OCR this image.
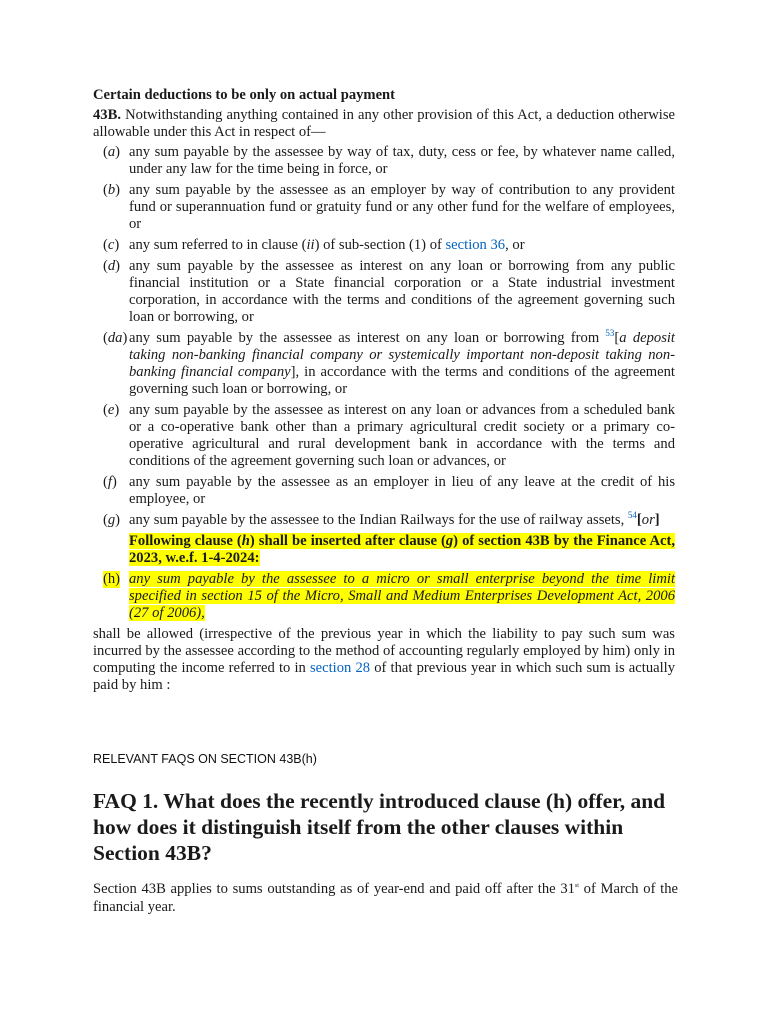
Certain deductions to be only on actual payment

43B. Notwithstanding anything contained in any other provision of this Act, a deduction otherwise allowable under this Act in respect of—

(a) any sum payable by the assessee by way of tax, duty, cess or fee, by whatever name called, under any law for the time being in force, or

(b) any sum payable by the assessee as an employer by way of contribution to any provident fund or superannuation fund or gratuity fund or any other fund for the welfare of employees, or

(c) any sum referred to in clause (ii) of sub-section (1) of section 36, or

(d) any sum payable by the assessee as interest on any loan or borrowing from any public financial institution or a State financial corporation or a State industrial investment corporation, in accordance with the terms and conditions of the agreement governing such loan or borrowing, or

(da) any sum payable by the assessee as interest on any loan or borrowing from $^{53}$[a deposit taking non-banking financial company or systemically important non-deposit taking non-banking financial company], in accordance with the terms and conditions of the agreement governing such loan or borrowing, or

(e) any sum payable by the assessee as interest on any loan or advances from a scheduled bank or a co-operative bank other than a primary agricultural credit society or a primary co-operative agricultural and rural development bank in accordance with the terms and conditions of the agreement governing such loan or advances, or

(f) any sum payable by the assessee as an employer in lieu of any leave at the credit of his employee, or

(g) any sum payable by the assessee to the Indian Railways for the use of railway assets, $^{54}$[or]

Following clause (h) shall be inserted after clause (g) of section 43B by the Finance Act, 2023, w.e.f. 1-4-2024:

(h) any sum payable by the assessee to a micro or small enterprise beyond the time limit specified in section 15 of the Micro, Small and Medium Enterprises Development Act, 2006 (27 of 2006),

shall be allowed (irrespective of the previous year in which the liability to pay such sum was incurred by the assessee according to the method of accounting regularly employed by him) only in computing the income referred to in section 28 of that previous year in which such sum is actually paid by him :

RELEVANT FAQS ON SECTION 43B(h)
FAQ 1. What does the recently introduced clause (h) offer, and how does it distinguish itself from the other clauses within Section 43B?

Section 43B applies to sums outstanding as of year-end and paid off after the 31st of March of the financial year.
